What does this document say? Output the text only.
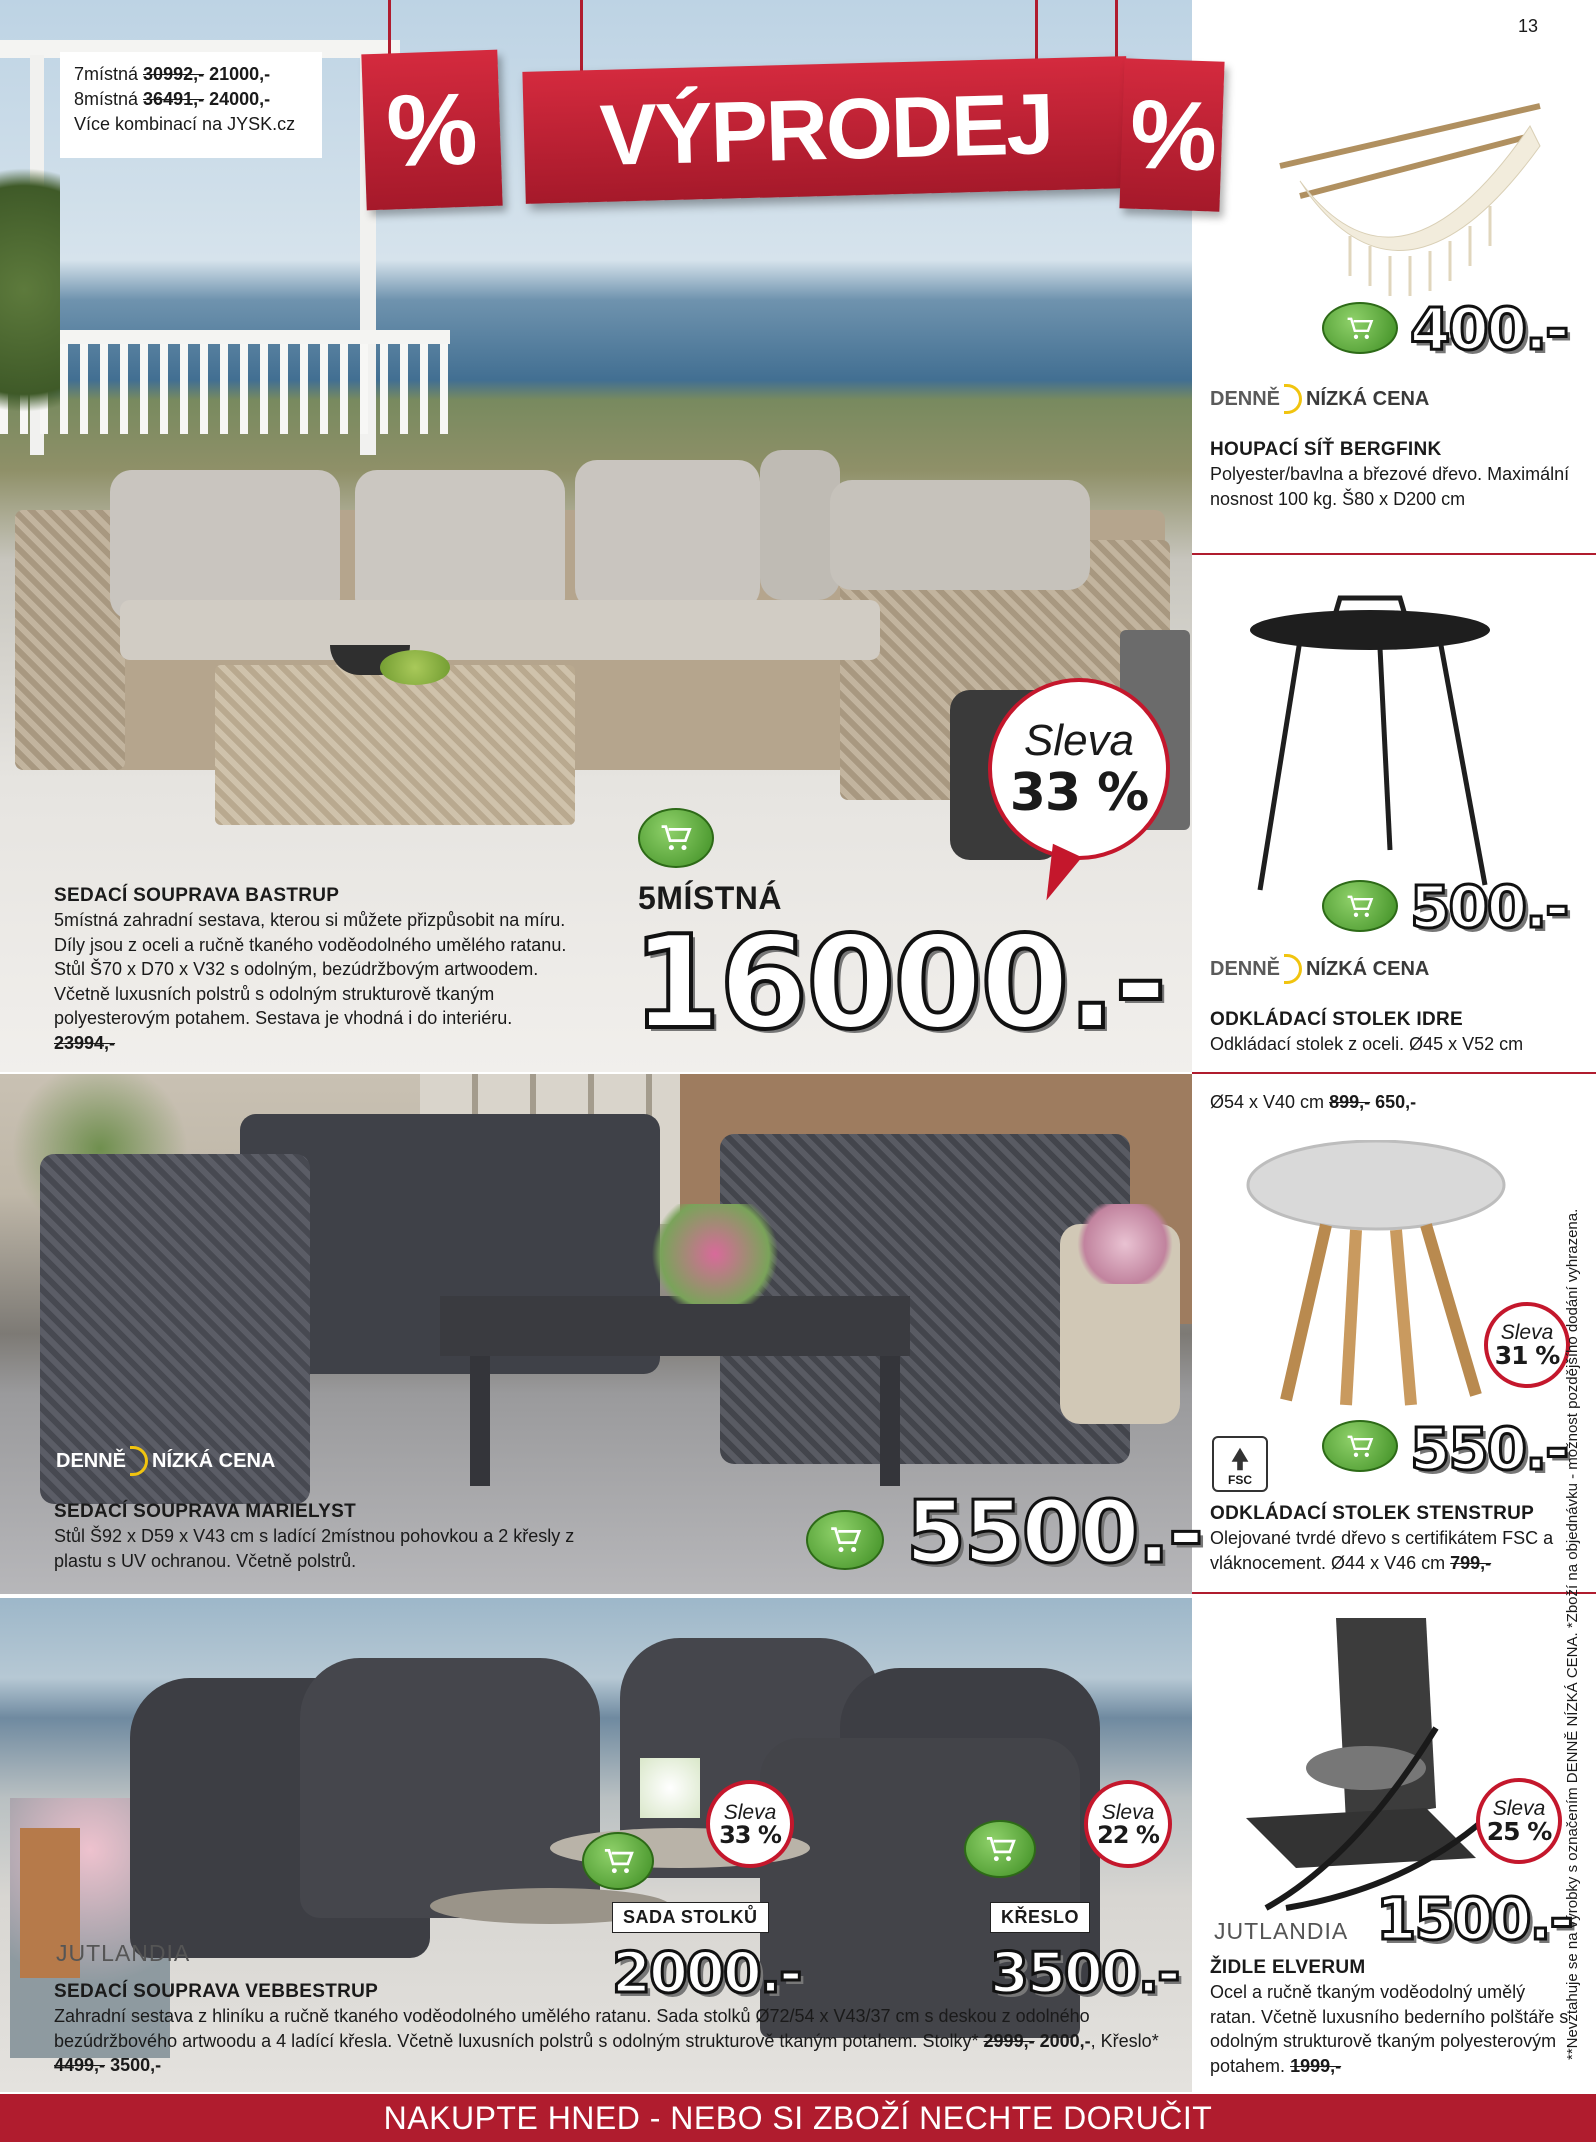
7místná 30992,- 21000,-
8místná 36491,- 24000,-
Více kombinací na JYSK.cz % VÝPRODEJ %
Sleva
33 %
SEDACÍ SOUPRAVA BASTRUP
5místná zahradní sestava, kterou si můžete přizpůsobit na míru. Díly jsou z oceli a ručně tkaného voděodolného umělého ratanu. Stůl Š70 x D70 x V32 s odolným, bezúdržbovým artwoodem. Včetně luxusních polstrů s odolným strukturově tkaným polyesterovým potahem. Sestava je vhodná i do interiéru. 23994,-
5MÍSTNÁ
16000.-
13
400.-
DENNĚ NÍZKÁ CENA
HOUPACÍ SÍŤ BERGFINK
Polyester/bavlna a březové dřevo. Maximální nosnost 100 kg. Š80 x D200 cm
500.-
DENNĚ NÍZKÁ CENA
ODKLÁDACÍ STOLEK IDRE
Odkládací stolek z oceli. Ø45 x V52 cm
Ø54 x V40 cm 899,- 650,-
Sleva
31 %
FSC	550.-
ODKLÁDACÍ STOLEK STENSTRUP
Olejované tvrdé dřevo s certifikátem FSC a vláknocement. Ø44 x V46 cm 799,-
Sleva
25 %
JUTLANDIA 1500.-
ŽIDLE ELVERUM
Ocel a ručně tkaným voděodolný umělý ratan. Včetně luxusního bederního polštáře s odolným strukturově tkaným polyesterovým potahem. 1999,-
**Nevztahuje se na výrobky s označením DENNĚ NÍZKÁ CENA. *Zboží na objednávku - možnost pozdějšího dodání vyhrazena.
DENNĚ NÍZKÁ CENA
SEDACÍ SOUPRAVA MARIELYST
Stůl Š92 x D59 x V43 cm s ladící 2místnou pohovkou a 2 křesly z plastu s UV ochranou. Včetně polstrů.	5500.-
Sleva
33 %
Sleva
22 %
SADA STOLKŮ	KŘESLO
JUTLANDIA	2000.-	3500.-
SEDACÍ SOUPRAVA VEBBESTRUP
Zahradní sestava z hliníku a ručně tkaného voděodolného umělého ratanu. Sada stolků Ø72/54 x V43/37 cm s deskou z odolného bezúdržbového artwoodu a 4 ladící křesla. Včetně luxusních polstrů s odolným strukturově tkaným potahem. Stolky* 2999,- 2000,-, Křeslo* 4499,- 3500,-
NAKUPTE HNED - NEBO SI ZBOŽÍ NECHTE DORUČIT
